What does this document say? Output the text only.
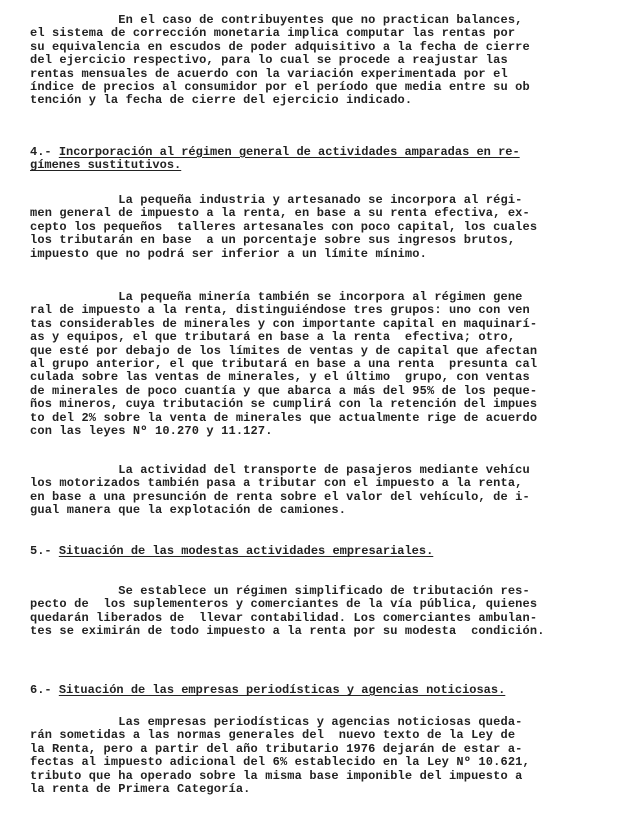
En el caso de contribuyentes que no practican balances,
el sistema de corrección monetaria implica computar las rentas por
su equivalencia en escudos de poder adquisitivo a la fecha de cierre
del ejercicio respectivo, para lo cual se procede a reajustar las
rentas mensuales de acuerdo con la variación experimentada por el
índice de precios al consumidor por el período que media entre su ob
tención y la fecha de cierre del ejercicio indicado.
4.- Incorporación al régimen general de actividades amparadas en re-
gímenes sustitutivos.
La pequeña industria y artesanado se incorpora al régi-
men general de impuesto a la renta, en base a su renta efectiva, ex-
cepto los pequeños  talleres artesanales con poco capital, los cuales
los tributarán en base  a un porcentaje sobre sus ingresos brutos,
impuesto que no podrá ser inferior a un límite mínimo.
La pequeña minería también se incorpora al régimen gene
ral de impuesto a la renta, distinguiéndose tres grupos: uno con ven
tas considerables de minerales y con importante capital en maquinarí-
as y equipos, el que tributará en base a la renta  efectiva; otro,
que esté por debajo de los límites de ventas y de capital que afectan
al grupo anterior, el que tributará en base a una renta  presunta cal
culada sobre las ventas de minerales, y el último  grupo, con ventas
de minerales de poco cuantía y que abarca a más del 95% de los peque-
ños mineros, cuya tributación se cumplirá con la retención del impues
to del 2% sobre la venta de minerales que actualmente rige de acuerdo
con las leyes Nº 10.270 y 11.127.
La actividad del transporte de pasajeros mediante vehícu
los motorizados también pasa a tributar con el impuesto a la renta,
en base a una presunción de renta sobre el valor del vehículo, de i-
gual manera que la explotación de camiones.
5.- Situación de las modestas actividades empresariales.
Se establece un régimen simplificado de tributación res-
pecto de  los suplementeros y comerciantes de la vía pública, quienes
quedarán liberados de  llevar contabilidad. Los comerciantes ambulan-
tes se eximirán de todo impuesto a la renta por su modesta  condición.
6.- Situación de las empresas periodísticas y agencias noticiosas.
Las empresas periodísticas y agencias noticiosas queda-
rán sometidas a las normas generales del  nuevo texto de la Ley de
la Renta, pero a partir del año tributario 1976 dejarán de estar a-
fectas al impuesto adicional del 6% establecido en la Ley Nº 10.621,
tributo que ha operado sobre la misma base imponible del impuesto a
la renta de Primera Categoría.
